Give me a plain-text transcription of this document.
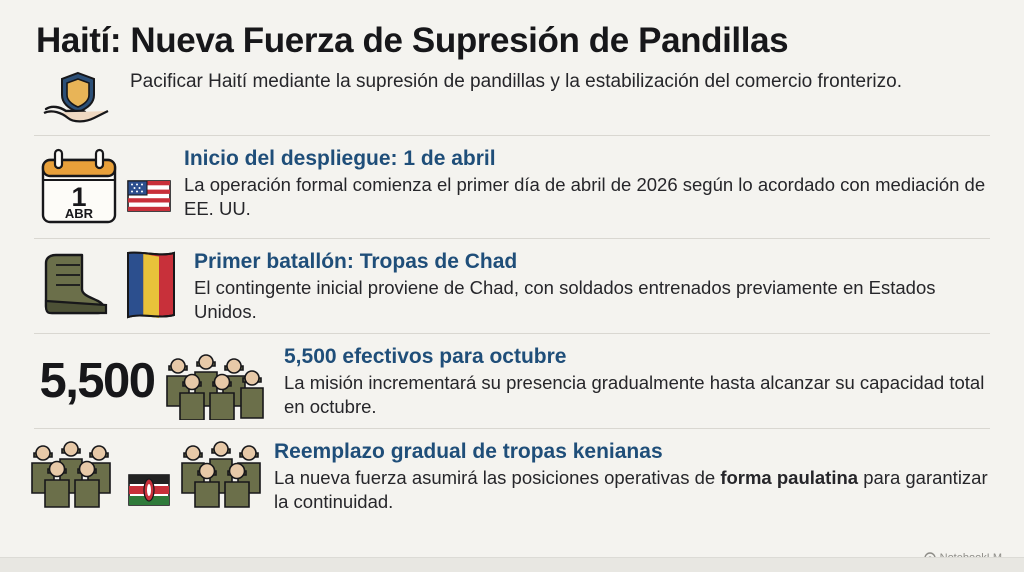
Haití: Nueva Fuerza de Supresión de Pandillas
Pacificar Haití mediante la supresión de pandillas y la estabilización del comercio fronterizo.
1
ABR
Inicio del despliegue: 1 de abril
La operación formal comienza el primer día de abril de 2026 según lo acordado con mediación de EE. UU.
Primer batallón: Tropas de Chad
El contingente inicial proviene de Chad, con soldados entrenados previamente en Estados Unidos.
5,500	5,500 efectivos para octubre
La misión incrementará su presencia gradualmente hasta alcanzar su capacidad total en octubre.
Reemplazo gradual de tropas kenianas
La nueva fuerza asumirá las posiciones operativas de forma paulatina para garantizar la continuidad.
